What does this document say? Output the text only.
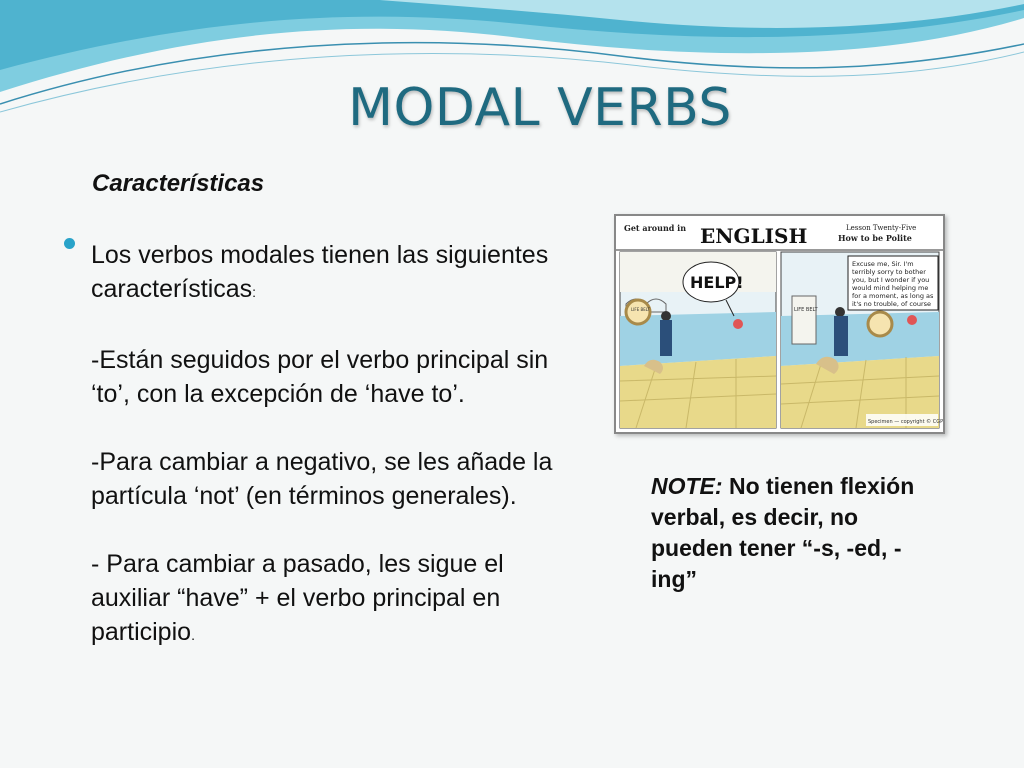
MODAL VERBS
Características

Los verbos modales tienen las siguientes características:

-Están seguidos por el verbo principal sin ‘to’, con la excepción de ‘have to’.

-Para cambiar a negativo, se les añade la partícula ‘not’ (en términos generales).

- Para cambiar a pasado, les sigue el auxiliar “have” + el verbo principal en participio.

Get around in ENGLISH	Lesson Twenty-Five
How to be Polite
LIFE BELT
HELP!
LIFE BELT
Excuse me, Sir. I'm
terribly sorry to bother
you, but I wonder if you
would mind helping me
for a moment, as long as
it's no trouble, of course
Specimen — copyright © CGP
NOTE: No tienen flexión verbal, es decir, no pueden tener “-s, -ed, -ing”
